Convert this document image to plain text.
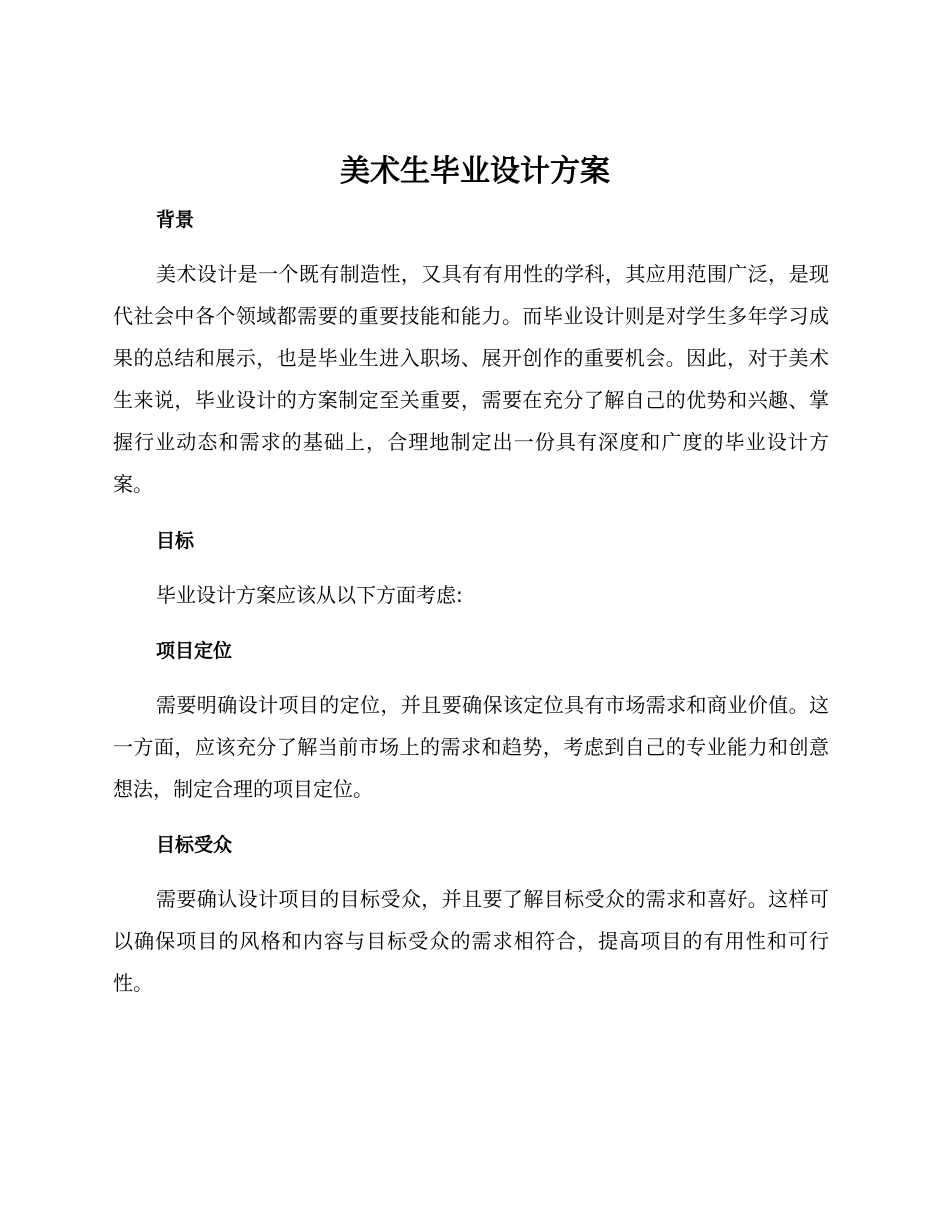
美术生毕业设计方案
背景

美术设计是一个既有制造性，又具有有用性的学科，其应用范围广泛，是现代社会中各个领域都需要的重要技能和能力。而毕业设计则是对学生多年学习成果的总结和展示，也是毕业生进入职场、展开创作的重要机会。因此，对于美术生来说，毕业设计的方案制定至关重要，需要在充分了解自己的优势和兴趣、掌握行业动态和需求的基础上，合理地制定出一份具有深度和广度的毕业设计方案。

目标

毕业设计方案应该从以下方面考虑:

项目定位

需要明确设计项目的定位，并且要确保该定位具有市场需求和商业价值。这一方面，应该充分了解当前市场上的需求和趋势，考虑到自己的专业能力和创意想法，制定合理的项目定位。

目标受众

需要确认设计项目的目标受众，并且要了解目标受众的需求和喜好。这样可以确保项目的风格和内容与目标受众的需求相符合，提高项目的有用性和可行性。
